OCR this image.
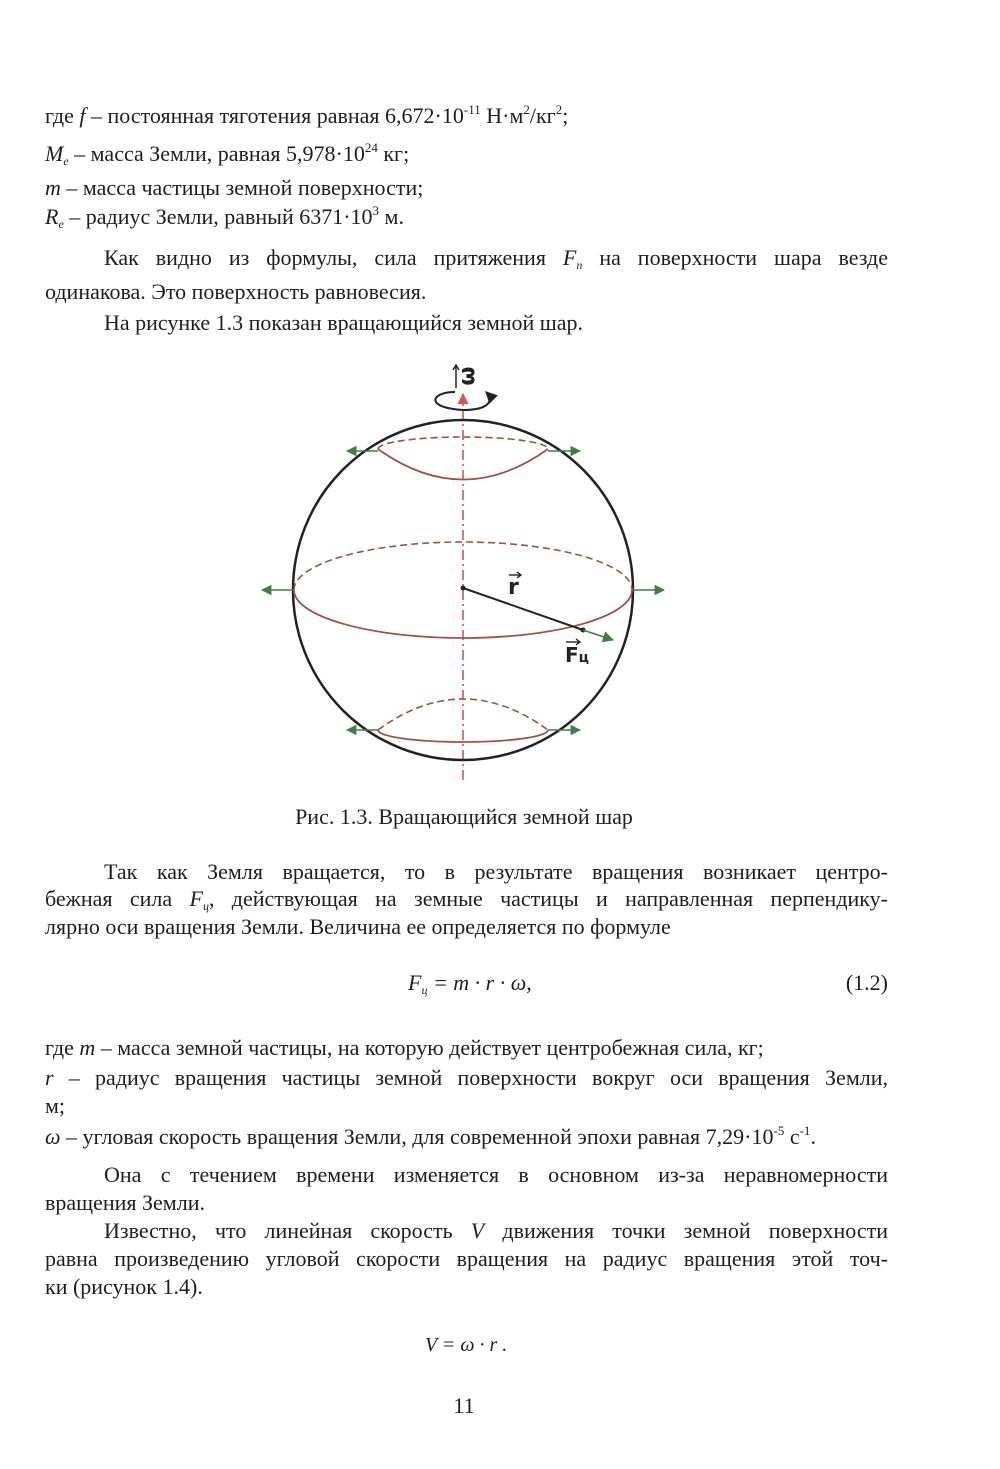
где f – постоянная тяготения равная $6,672\cdot 10^{-11}$ $Н\cdot м^2/кг^2$;
$M_e$ – масса Земли, равная $5,978\cdot 10^{24}$ кг;
m – масса частицы земной поверхности;
$R_e$ – радиус Земли, равный $6371\cdot 10^3$ м.
Как видно из формулы, сила притяжения $F_п$ на поверхности шара везде
одинакова. Это поверхность равновесия.
На рисунке 1.3 показан вращающийся земной шар.
ω
r
Fц
Рис. 1.3. Вращающийся земной шар
Так как Земля вращается, то в результате вращения возникает центро-
бежная сила $F_ц$, действующая на земные частицы и направленная перпендику-
лярно оси вращения Земли. Величина ее определяется по формуле
$F_ц = m \cdot r \cdot \omega$,	(1.2)
где m – масса земной частицы, на которую действует центробежная сила, кг;
r – радиус вращения частицы земной поверхности вокруг оси вращения Земли,
м;
ω – угловая скорость вращения Земли, для современной эпохи равная $7,29\cdot 10^{-5}$ $с^{-1}$.
Она с течением времени изменяется в основном из-за неравномерности
вращения Земли.
Известно, что линейная скорость V движения точки земной поверхности
равна произведению угловой скорости вращения на радиус вращения этой точ-
ки (рисунок 1.4).
V = ω · r .
11
